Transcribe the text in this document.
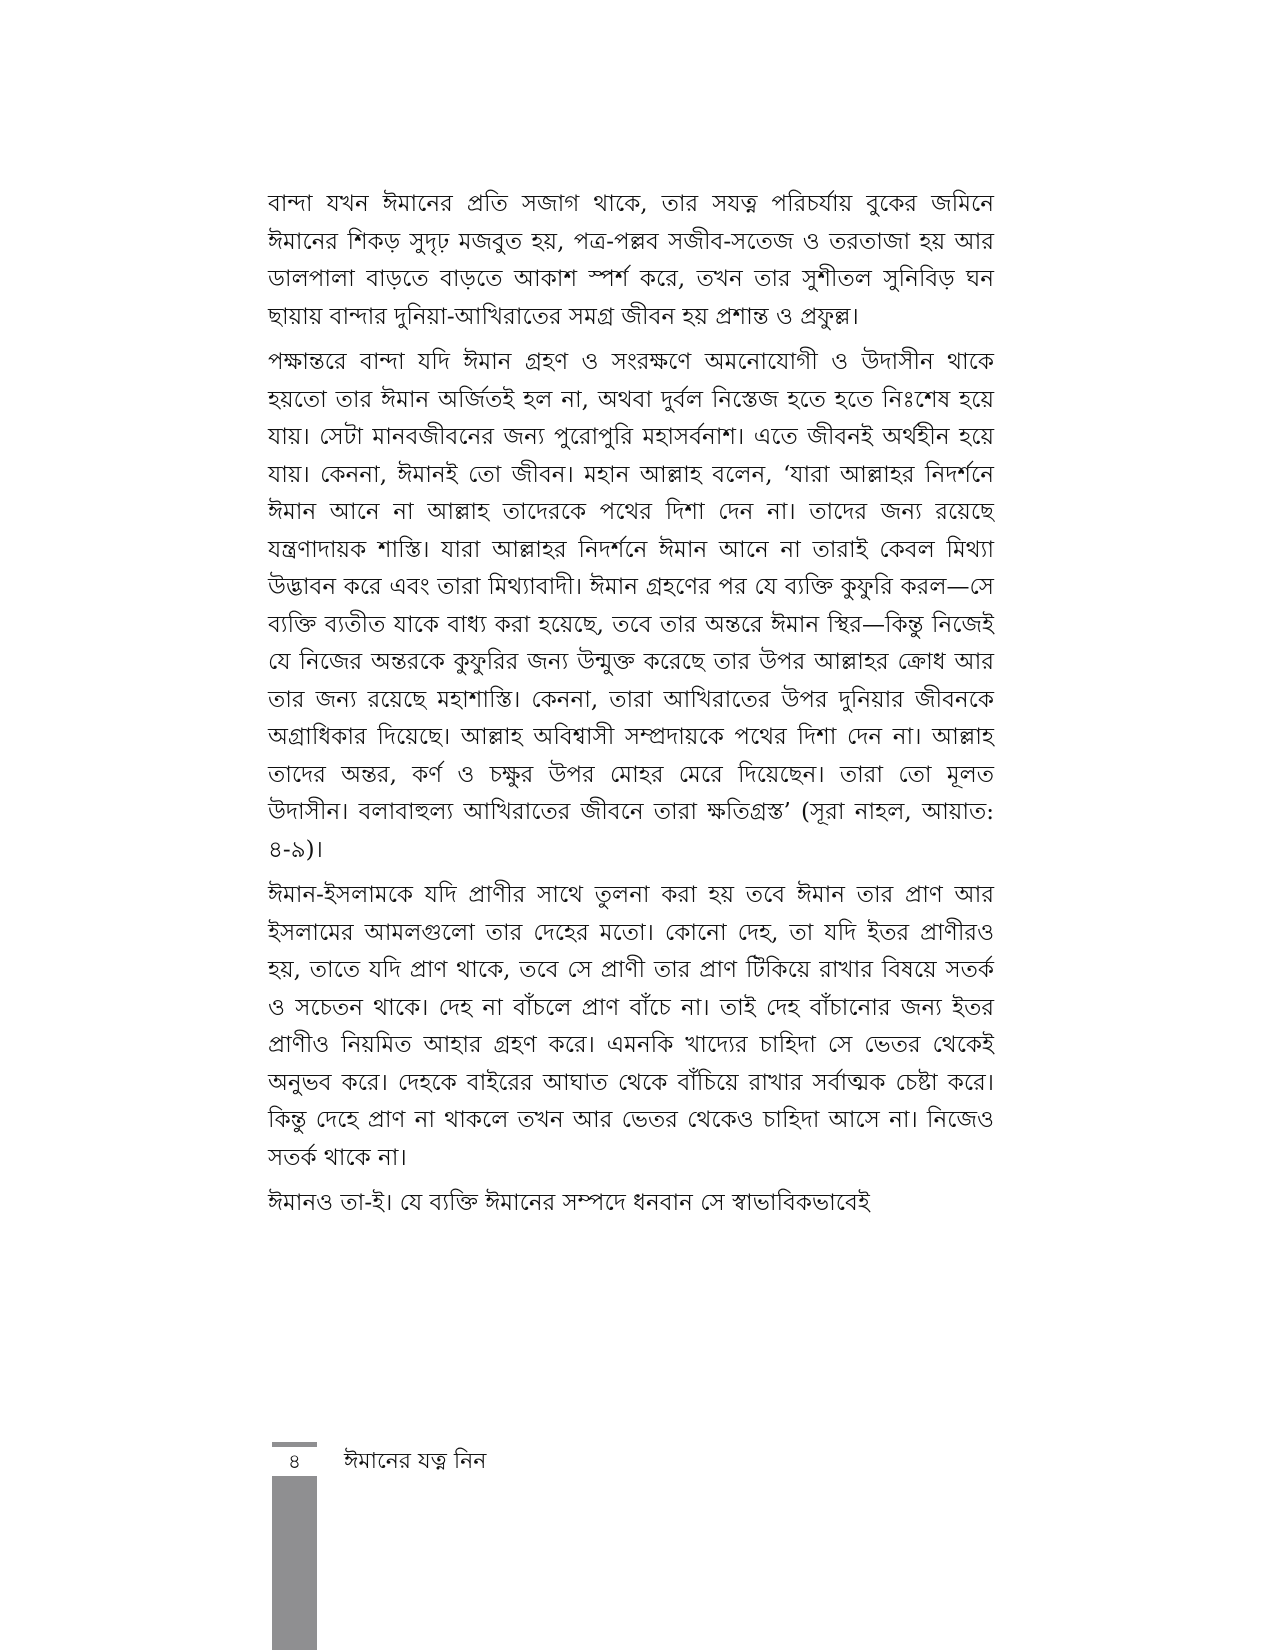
বান্দা যখন ঈমানের প্রতি সজাগ থাকে, তার সযত্ন পরিচর্যায় বুকের জমিনে ঈমানের শিকড় সুদৃঢ় মজবুত হয়, পত্র-পল্লব সজীব-সতেজ ও তরতাজা হয় আর ডালপালা বাড়তে বাড়তে আকাশ স্পর্শ করে, তখন তার সুশীতল সুনিবিড় ঘন ছায়ায় বান্দার দুনিয়া-আখিরাতের সমগ্র জীবন হয় প্রশান্ত ও প্রফুল্ল।

পক্ষান্তরে বান্দা যদি ঈমান গ্রহণ ও সংরক্ষণে অমনোযোগী ও উদাসীন থাকে হয়তো তার ঈমান অর্জিতই হল না, অথবা দুর্বল নিস্তেজ হতে হতে নিঃশেষ হয়ে যায়। সেটা মানবজীবনের জন্য পুরোপুরি মহাসর্বনাশ। এতে জীবনই অর্থহীন হয়ে যায়। কেননা, ঈমানই তো জীবন। মহান আল্লাহ বলেন, ‘যারা আল্লাহর নিদর্শনে ঈমান আনে না আল্লাহ তাদেরকে পথের দিশা দেন না। তাদের জন্য রয়েছে যন্ত্রণাদায়ক শাস্তি। যারা আল্লাহর নিদর্শনে ঈমান আনে না তারাই কেবল মিথ্যা উদ্ভাবন করে এবং তারা মিথ্যাবাদী। ঈমান গ্রহণের পর যে ব্যক্তি কুফুরি করল—সে ব্যক্তি ব্যতীত যাকে বাধ্য করা হয়েছে, তবে তার অন্তরে ঈমান স্থির—কিন্তু নিজেই যে নিজের অন্তরকে কুফুরির জন্য উন্মুক্ত করেছে তার উপর আল্লাহর ক্রোধ আর তার জন্য রয়েছে মহাশাস্তি। কেননা, তারা আখিরাতের উপর দুনিয়ার জীবনকে অগ্রাধিকার দিয়েছে। আল্লাহ অবিশ্বাসী সম্প্রদায়কে পথের দিশা দেন না। আল্লাহ তাদের অন্তর, কর্ণ ও চক্ষুর উপর মোহর মেরে দিয়েছেন। তারা তো মূলত উদাসীন। বলাবাহুল্য আখিরাতের জীবনে তারা ক্ষতিগ্রস্ত’ (সূরা নাহল, আয়াত: ৪-৯)।

ঈমান-ইসলামকে যদি প্রাণীর সাথে তুলনা করা হয় তবে ঈমান তার প্রাণ আর ইসলামের আমলগুলো তার দেহের মতো। কোনো দেহ, তা যদি ইতর প্রাণীরও হয়, তাতে যদি প্রাণ থাকে, তবে সে প্রাণী তার প্রাণ টিকিয়ে রাখার বিষয়ে সতর্ক ও সচেতন থাকে। দেহ না বাঁচলে প্রাণ বাঁচে না। তাই দেহ বাঁচানোর জন্য ইতর প্রাণীও নিয়মিত আহার গ্রহণ করে। এমনকি খাদ্যের চাহিদা সে ভেতর থেকেই অনুভব করে। দেহকে বাইরের আঘাত থেকে বাঁচিয়ে রাখার সর্বাত্মক চেষ্টা করে। কিন্তু দেহে প্রাণ না থাকলে তখন আর ভেতর থেকেও চাহিদা আসে না। নিজেও সতর্ক থাকে না।

ঈমানও তা-ই। যে ব্যক্তি ঈমানের সম্পদে ধনবান সে স্বাভাবিকভাবেই

৪	ঈমানের যত্ন নিন
